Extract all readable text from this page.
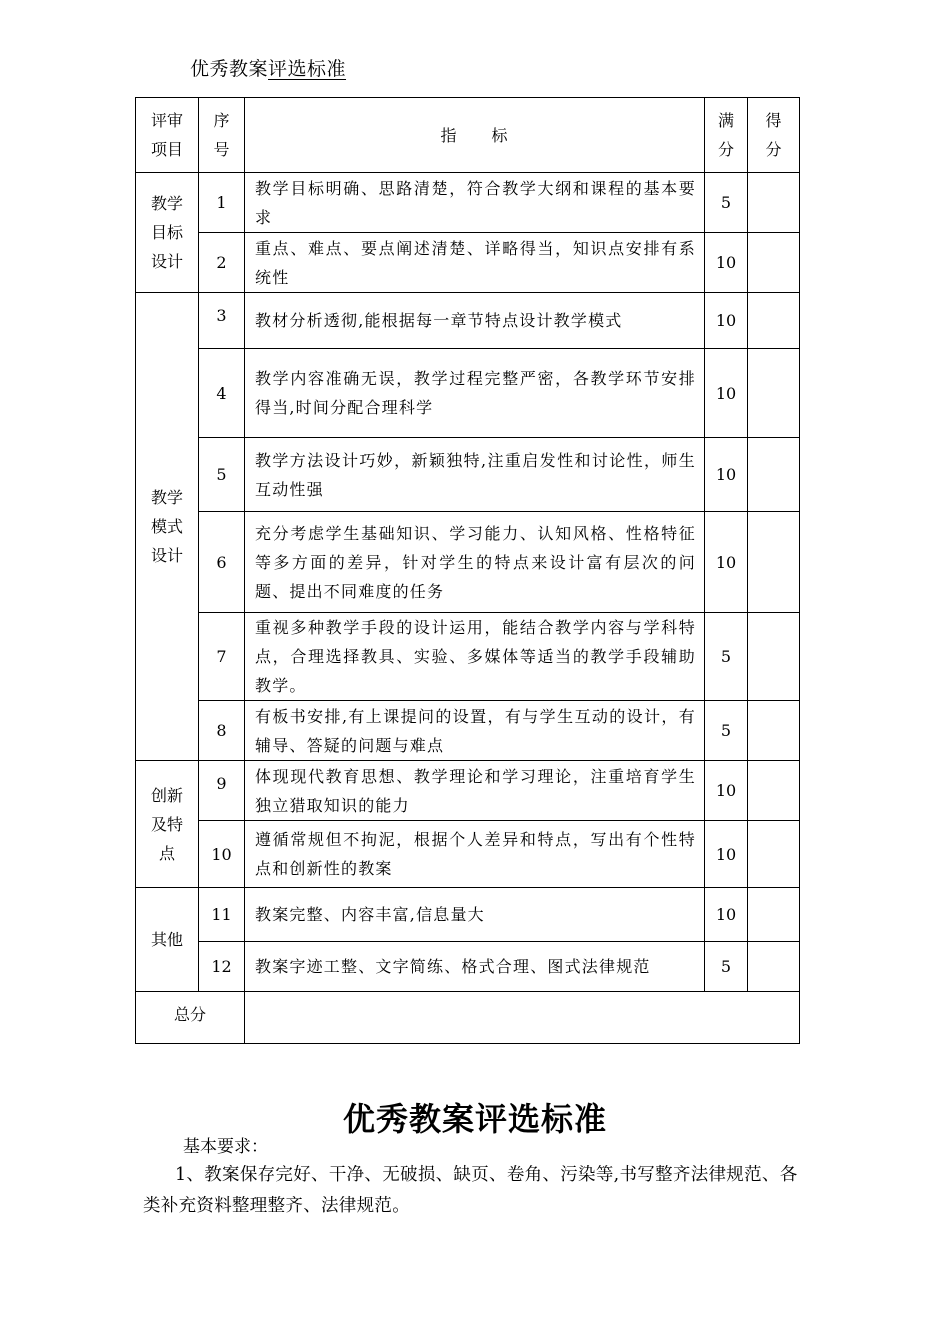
优秀教案评选标准
评审项目	序号	指　　标	满分	得分
教学目标设计	1	教学目标明确、思路清楚，符合教学大纲和课程的基本要求	5	
	2	重点、难点、要点阐述清楚、详略得当，知识点安排有系统性	10	
教学模式设计	3	教材分析透彻,能根据每一章节特点设计教学模式	10	
	4	教学内容准确无误，教学过程完整严密，各教学环节安排得当,时间分配合理科学	10	
	5	教学方法设计巧妙，新颖独特,注重启发性和讨论性，师生互动性强	10	
	6	充分考虑学生基础知识、学习能力、认知风格、性格特征等多方面的差异，针对学生的特点来设计富有层次的问题、提出不同难度的任务	10	
	7	重视多种教学手段的设计运用，能结合教学内容与学科特点，合理选择教具、实验、多媒体等适当的教学手段辅助教学。	5	
	8	有板书安排,有上课提问的设置，有与学生互动的设计，有辅导、答疑的问题与难点	5	
创新及特点	9	体现现代教育思想、教学理论和学习理论，注重培育学生独立猎取知识的能力	10	
	10	遵循常规但不拘泥，根据个人差异和特点，写出有个性特点和创新性的教案	10	
其他	11	教案完整、内容丰富,信息量大	10	
	12	教案字迹工整、文字简练、格式合理、图式法律规范	5	
总分				
优秀教案评选标准
基本要求：
1、教案保存完好、干净、无破损、缺页、卷角、污染等,书写整齐法律规范、各类补充资料整理整齐、法律规范。
